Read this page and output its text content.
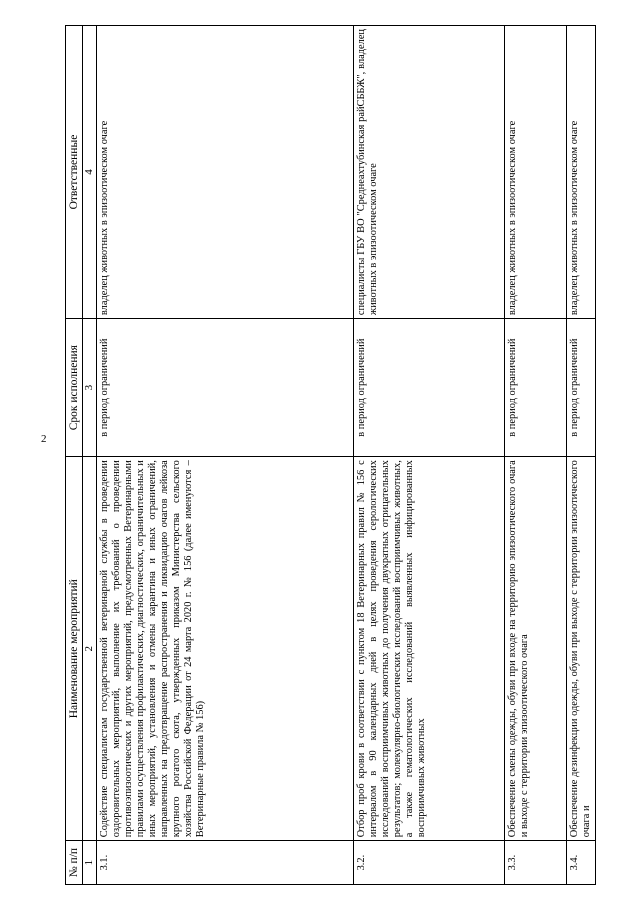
2
№ п/п	Наименование мероприятий	Срок исполнения	Ответственные
1	2	3	4
3.1.	Содействие специалистам государственной ветеринарной службы в проведении оздоровительных мероприятий, выполнение их требований о проведении противоэпизоотических и других мероприятий, предусмотренных Ветеринарными правилами осуществления профилактических, диагностических, ограничительных и иных мероприятий, установления и отмены карантина и иных ограничений, направленных на предотвращение распространения и ликвидацию очагов лейкоза крупного рогатого скота, утвержденных приказом Министерства сельского хозяйства Российской Федерации от 24 марта 2020 г. № 156 (далее именуются – Ветеринарные правила № 156)	в период ограничений	владелец животных в эпизоотическом очаге
3.2.	Отбор проб крови в соответствии с пунктом 18 Ветеринарных правил № 156 с интервалом в 90 календарных дней в целях проведения серологических исследований восприимчивых животных до получения двукратных отрицательных результатов; молекулярно-биологических исследований восприимчивых животных, а также гематологических исследований выявленных инфицированных восприимчивых животных	в период ограничений	специалисты ГБУ ВО "Среднеахтубинская райСББЖ", владелец животных в эпизоотическом очаге
3.3.	Обеспечение смены одежды, обуви при входе на территорию эпизоотического очага и выходе с территории эпизоотического очага	в период ограничений	владелец животных в эпизоотическом очаге
3.4.	Обеспечение дезинфекции одежды, обуви при выходе с территории эпизоотического очага и	в период ограничений	владелец животных в эпизоотическом очаге
